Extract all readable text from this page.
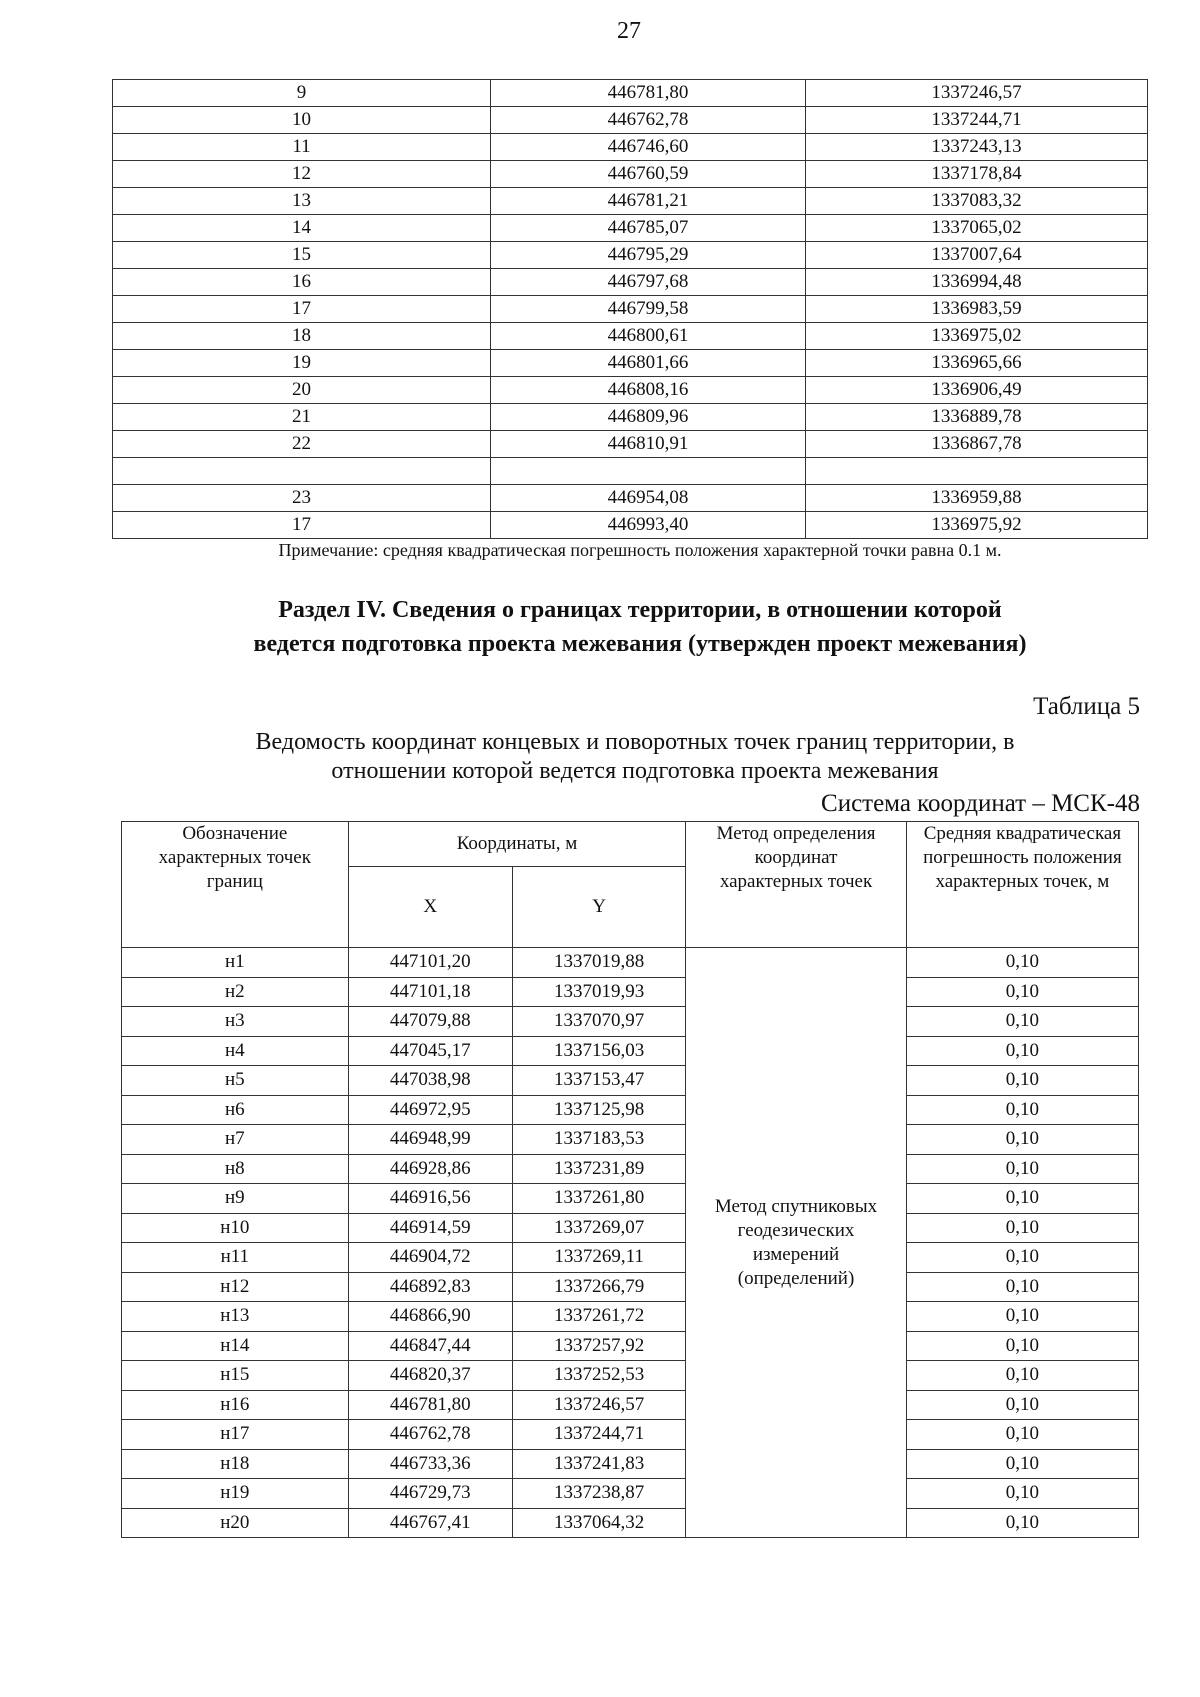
27
9	446781,80	1337246,57
10	446762,78	1337244,71
11	446746,60	1337243,13
12	446760,59	1337178,84
13	446781,21	1337083,32
14	446785,07	1337065,02
15	446795,29	1337007,64
16	446797,68	1336994,48
17	446799,58	1336983,59
18	446800,61	1336975,02
19	446801,66	1336965,66
20	446808,16	1336906,49
21	446809,96	1336889,78
22	446810,91	1336867,78

23	446954,08	1336959,88
17	446993,40	1336975,92
Примечание: средняя квадратическая погрешность положения характерной точки равна 0.1 м.
Раздел IV. Сведения о границах территории, в отношении которой
ведется подготовка проекта межевания (утвержден проект межевания)
Таблица 5
Ведомость координат концевых и поворотных точек границ территории, в
отношении которой ведется подготовка проекта межевания
Система координат – МСК-48
Обозначение характерных точек границ	Координаты, м		Метод определения координат характерных точек	Средняя квадратическая погрешность положения характерных точек, м
	X	Y		
н1	447101,20	1337019,88	Метод спутниковых геодезических измерений (определений)	0,10
н2	447101,18	1337019,93		0,10
н3	447079,88	1337070,97		0,10
н4	447045,17	1337156,03		0,10
н5	447038,98	1337153,47		0,10
н6	446972,95	1337125,98		0,10
н7	446948,99	1337183,53		0,10
н8	446928,86	1337231,89		0,10
н9	446916,56	1337261,80		0,10
н10	446914,59	1337269,07		0,10
н11	446904,72	1337269,11		0,10
н12	446892,83	1337266,79		0,10
н13	446866,90	1337261,72		0,10
н14	446847,44	1337257,92		0,10
н15	446820,37	1337252,53		0,10
н16	446781,80	1337246,57		0,10
н17	446762,78	1337244,71		0,10
н18	446733,36	1337241,83		0,10
н19	446729,73	1337238,87		0,10
н20	446767,41	1337064,32		0,10
